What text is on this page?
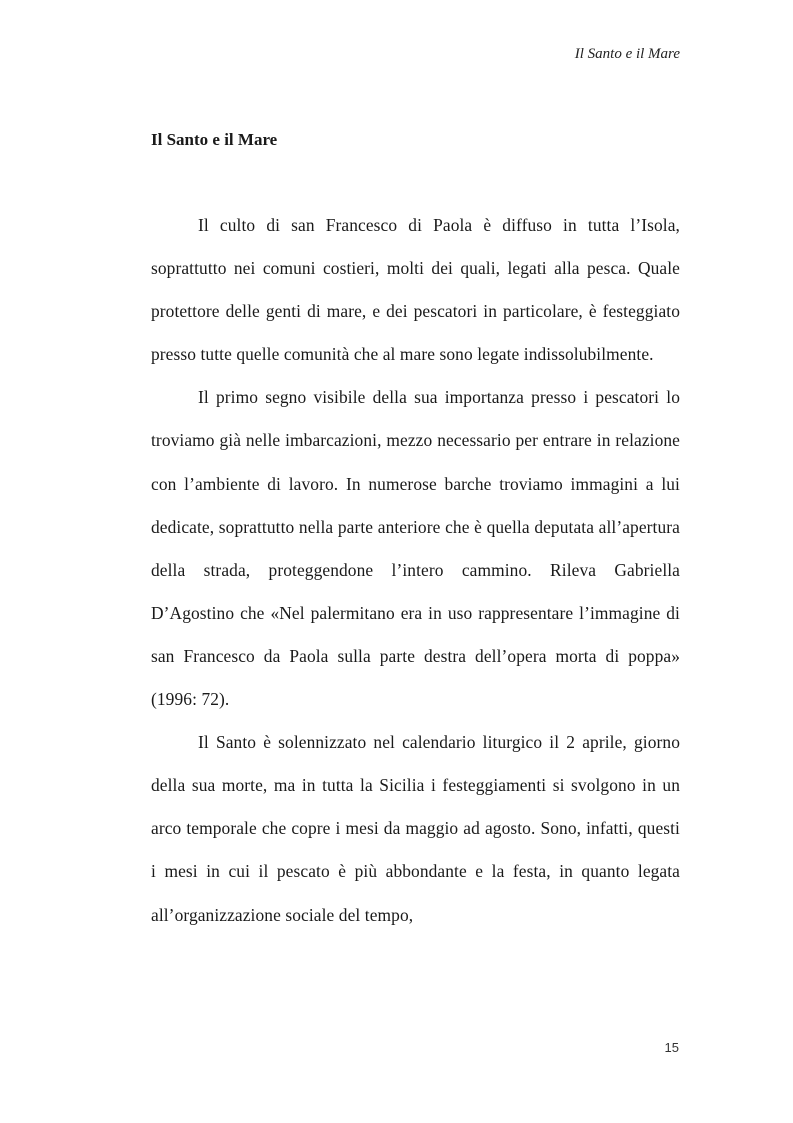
Il Santo e il Mare

Il Santo e il Mare

Il culto di san Francesco di Paola è diffuso in tutta l’Isola, soprattutto nei comuni costieri, molti dei quali, legati alla pesca. Quale protettore delle genti di mare, e dei pescatori in particolare, è festeggiato presso tutte quelle comunità che al mare sono legate indissolubilmente.

Il primo segno visibile della sua importanza presso i pescatori lo troviamo già nelle imbarcazioni, mezzo necessario per entrare in relazione con l’ambiente di lavoro. In numerose barche troviamo immagini a lui dedicate, soprattutto nella parte anteriore che è quella deputata all’apertura della strada, proteggendone l’intero cammino. Rileva Gabriella D’Agostino che «Nel palermitano era in uso rappresentare l’immagine di san Francesco da Paola sulla parte destra dell’opera morta di poppa» (1996: 72).

Il Santo è solennizzato nel calendario liturgico il 2 aprile, giorno della sua morte, ma in tutta la Sicilia i festeggiamenti si svolgono in un arco temporale che copre i mesi da maggio ad agosto. Sono, infatti, questi i mesi in cui il pescato è più abbondante e la festa, in quanto legata all’organizzazione sociale del tempo,

15
